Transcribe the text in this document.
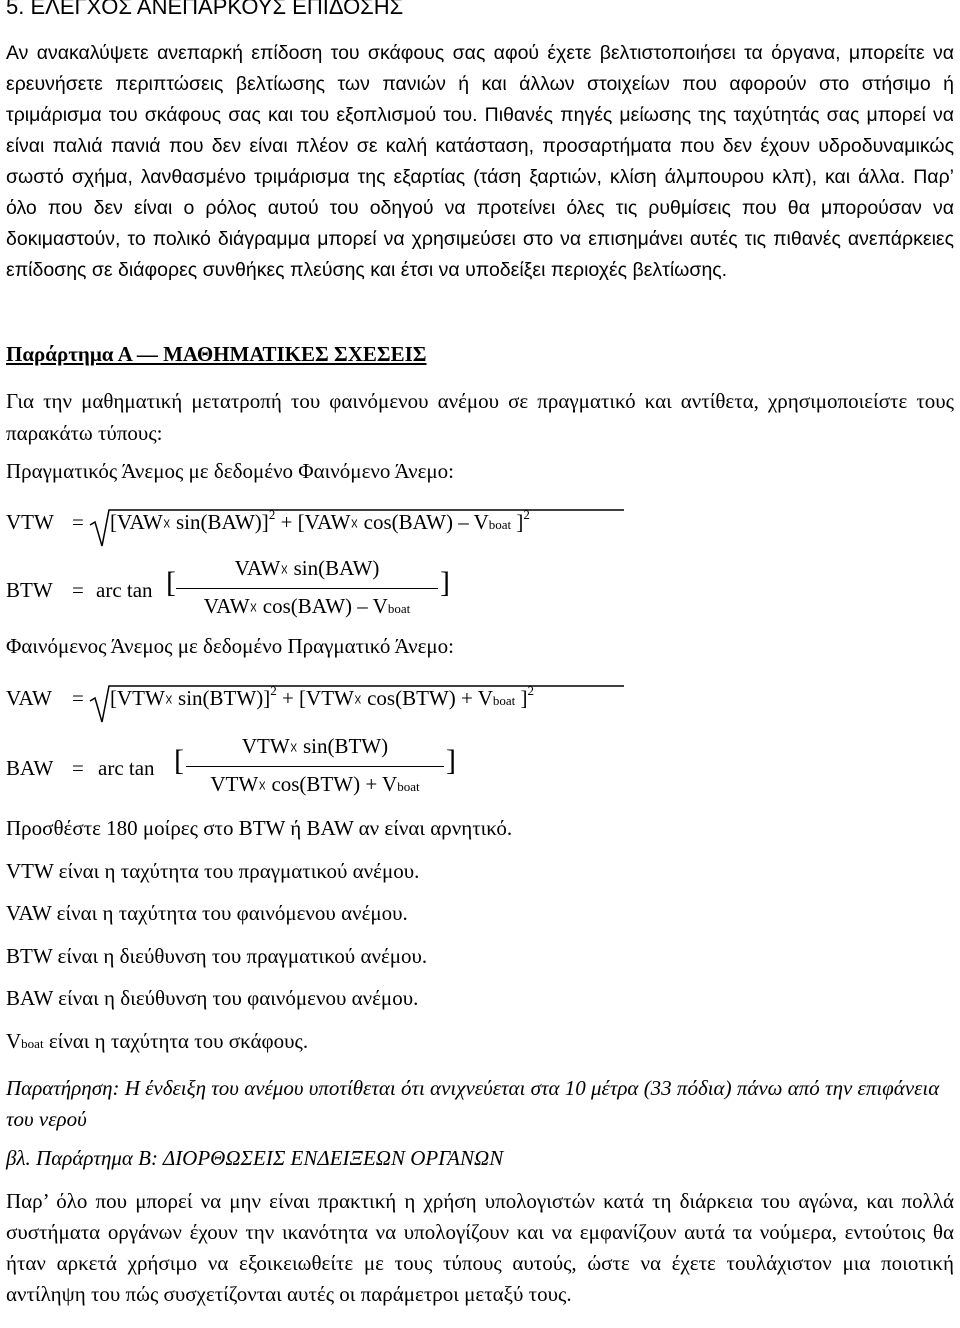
5. ΕΛΕΓΧΟΣ ΑΝΕΠΑΡΚΟΥΣ ΕΠΙΔΟΣΗΣ

Αν ανακαλύψετε ανεπαρκή επίδοση του σκάφους σας αφού έχετε βελτιστοποιήσει τα όργανα, μπορείτε να ερευνήσετε περιπτώσεις βελτίωσης των πανιών ή και άλλων στοιχείων που αφορούν στο στήσιμο ή τριμάρισμα του σκάφους σας και του εξοπλισμού του. Πιθανές πηγές μείωσης της ταχύτητάς σας μπορεί να είναι παλιά πανιά που δεν είναι πλέον σε καλή κατάσταση, προσαρτήματα που δεν έχουν υδροδυναμικώς σωστό σχήμα, λανθασμένο τριμάρισμα της εξαρτίας (τάση ξαρτιών, κλίση άλμπουρου κλπ), και άλλα. Παρ’ όλο που δεν είναι ο ρόλος αυτού του οδηγού να προτείνει όλες τις ρυθμίσεις που θα μπορούσαν να δοκιμαστούν, το πολικό διάγραμμα μπορεί να χρησιμεύσει στο να επισημάνει αυτές τις πιθανές ανεπάρκειες επίδοσης σε διάφορες συνθήκες πλεύσης και έτσι να υποδείξει περιοχές βελτίωσης.

Παράρτημα Α — ΜΑΘΗΜΑΤΙΚΕΣ ΣΧΕΣΕΙΣ

Για την μαθηματική μετατροπή του φαινόμενου ανέμου σε πραγματικό και αντίθετα, χρησιμοποιείστε τους παρακάτω τύπους:

Πραγματικός Άνεμος με δεδομένο Φαινόμενο Άνεμο:
VTW = [VAW☓ sin(BAW)]$^2$ + [VAW☓ cos(BAW) – Vboat ]$^2$
BTW = arc tan [	VAW☓ sin(BAW)
VAW☓ cos(BAW) – Vboat
]
Φαινόμενος Άνεμος με δεδομένο Πραγματικό Άνεμο:
VAW = [VTW☓ sin(BTW)]$^2$ + [VTW☓ cos(BTW) + Vboat ]$^2$
BAW = arc tan [	VTW☓ sin(BTW)
VTW☓ cos(BTW) + Vboat
]
Προσθέστε 180 μοίρες στο BTW ή BAW αν είναι αρνητικό.
VTW είναι η ταχύτητα του πραγματικού ανέμου.
VAW είναι η ταχύτητα του φαινόμενου ανέμου.
BTW είναι η διεύθυνση του πραγματικού ανέμου.
BAW είναι η διεύθυνση του φαινόμενου ανέμου.
Vboat είναι η ταχύτητα του σκάφους.

Παρατήρηση: Η ένδειξη του ανέμου υποτίθεται ότι ανιχνεύεται στα 10 μέτρα (33 πόδια) πάνω από την επιφάνεια του νερού

βλ. Παράρτημα Β: ΔΙΟΡΘΩΣΕΙΣ ΕΝΔΕΙΞΕΩΝ ΟΡΓΑΝΩΝ

Παρ’ όλο που μπορεί να μην είναι πρακτική η χρήση υπολογιστών κατά τη διάρκεια του αγώνα, και πολλά συστήματα οργάνων έχουν την ικανότητα να υπολογίζουν και να εμφανίζουν αυτά τα νούμερα, εντούτοις θα ήταν αρκετά χρήσιμο να εξοικειωθείτε με τους τύπους αυτούς, ώστε να έχετε τουλάχιστον μια ποιοτική αντίληψη του πώς συσχετίζονται αυτές οι παράμετροι μεταξύ τους.
